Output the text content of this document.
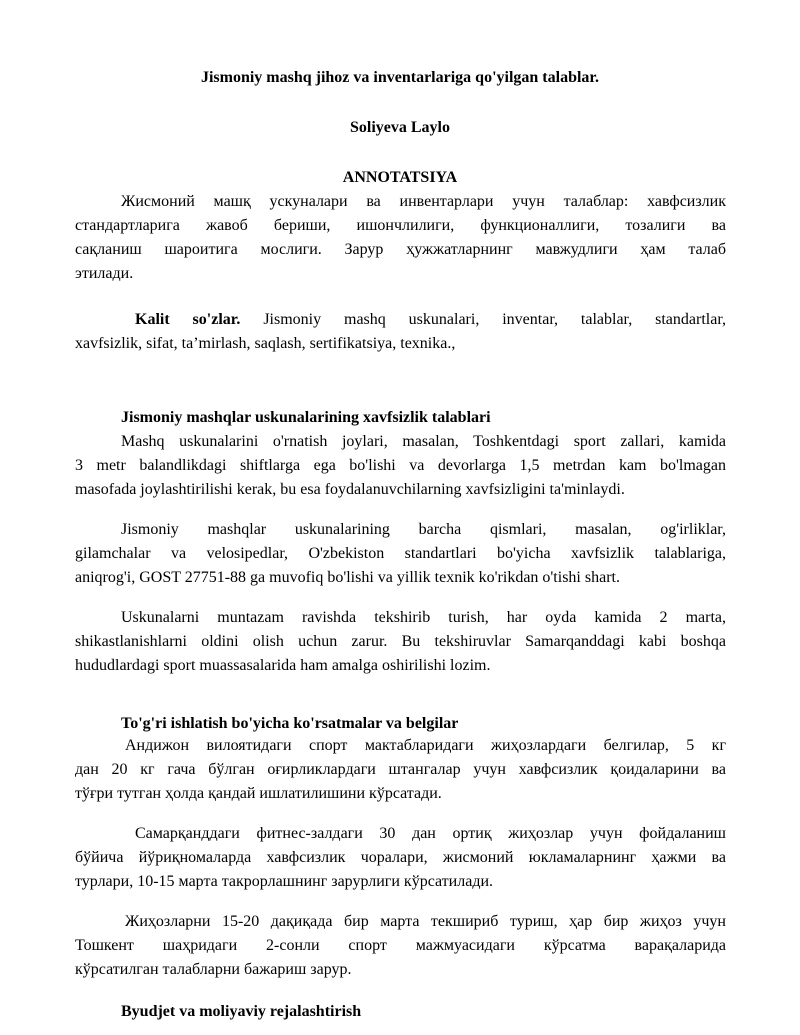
Jismoniy mashq jihoz va inventarlariga qo'yilgan talablar.
Soliyeva Laylo
ANNOTATSIYA
Жисмоний машқ ускуналари ва инвентарлари учун талаблар: хавфсизлик
стандартларига жавоб бериши, ишончлилиги, функционаллиги, тозалиги ва
сақланиш шароитига мослиги. Зарур ҳужжатларнинг мавжудлиги ҳам талаб
этилади.
Kalit so'zlar. Jismoniy mashq uskunalari, inventar, talablar, standartlar,
xavfsizlik, sifat, ta’mirlash, saqlash, sertifikatsiya, texnika.,
Jismoniy mashqlar uskunalarining xavfsizlik talablari
Mashq uskunalarini o'rnatish joylari, masalan, Toshkentdagi sport zallari, kamida
3 metr balandlikdagi shiftlarga ega bo'lishi va devorlarga 1,5 metrdan kam bo'lmagan
masofada joylashtirilishi kerak, bu esa foydalanuvchilarning xavfsizligini ta'minlaydi.
Jismoniy mashqlar uskunalarining barcha qismlari, masalan, og'irliklar,
gilamchalar va velosipedlar, O'zbekiston standartlari bo'yicha xavfsizlik talablariga,
aniqrog'i, GOST 27751-88 ga muvofiq bo'lishi va yillik texnik ko'rikdan o'tishi shart.
Uskunalarni muntazam ravishda tekshirib turish, har oyda kamida 2 marta,
shikastlanishlarni oldini olish uchun zarur. Bu tekshiruvlar Samarqanddagi kabi boshqa
hududlardagi sport muassasalarida ham amalga oshirilishi lozim.
To'g'ri ishlatish bo'yicha ko'rsatmalar va belgilar
Андижон вилоятидаги спорт мактабларидаги жиҳозлардаги белгилар, 5 кг
дан 20 кг гача бўлган оғирликлардаги штангалар учун хавфсизлик қоидаларини ва
тўғри тутган ҳолда қандай ишлатилишини кўрсатади.
Самарқанддаги фитнес-залдаги 30 дан ортиқ жиҳозлар учун фойдаланиш
бўйича йўриқномаларда хавфсизлик чоралари, жисмоний юкламаларнинг ҳажми ва
турлари, 10-15 марта такрорлашнинг зарурлиги кўрсатилади.
Жиҳозларни 15-20 дақиқада бир марта текшириб туриш, ҳар бир жиҳоз учун
Тошкент шаҳридаги 2-сонли спорт мажмуасидаги кўрсатма варақаларида
кўрсатилган талабларни бажариш зарур.
Byudjet va moliyaviy rejalashtirish
